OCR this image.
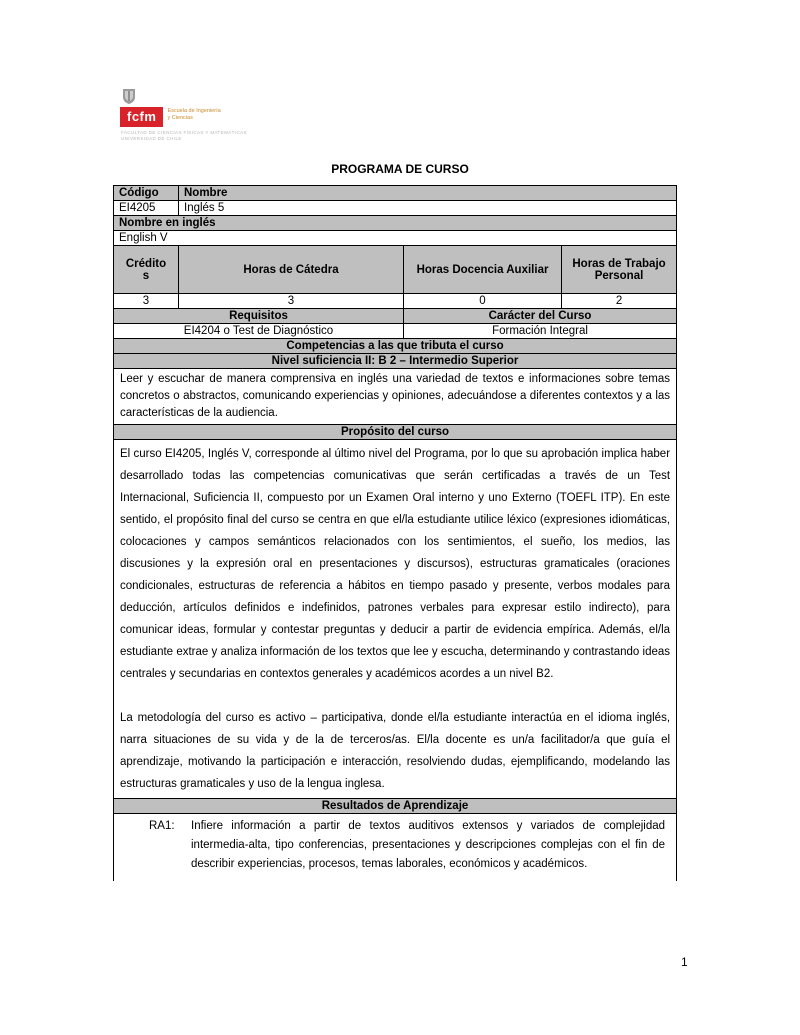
fcfm	Escuela de Ingeniería
y Ciencias
FACULTAD DE CIENCIAS FÍSICAS Y MATEMÁTICAS
UNIVERSIDAD DE CHILE
PROGRAMA DE CURSO
Código	Nombre		
EI4205	Inglés 5		
Nombre en inglés			
English V			
Créditos	Horas de Cátedra	Horas Docencia Auxiliar	Horas de Trabajo Personal
3	3	0	2
Requisitos		Carácter del Curso	
EI4204 o Test de Diagnóstico		Formación Integral	
Competencias a las que tributa el curso			
Nivel suficiencia II: B 2 – Intermedio Superior			
Leer y escuchar de manera comprensiva en inglés una variedad de textos e informaciones sobre temas concretos o abstractos, comunicando experiencias y opiniones, adecuándose a diferentes contextos y a las características de la audiencia.			
Propósito del curso			

El curso EI4205, Inglés V, corresponde al último nivel del Programa, por lo que su aprobación implica haber desarrollado todas las competencias comunicativas que serán certificadas a través de un Test Internacional, Suficiencia II, compuesto por un Examen Oral interno y uno Externo (TOEFL ITP). En este sentido, el propósito final del curso se centra en que el/la estudiante utilice léxico (expresiones idiomáticas, colocaciones y campos semánticos relacionados con los sentimientos, el sueño, los medios, las discusiones y la expresión oral en presentaciones y discursos), estructuras gramaticales (oraciones condicionales, estructuras de referencia a hábitos en tiempo pasado y presente, verbos modales para deducción, artículos definidos e indefinidos, patrones verbales para expresar estilo indirecto), para comunicar ideas, formular y contestar preguntas y deducir a partir de evidencia empírica. Además, el/la estudiante extrae y analiza información de los textos que lee y escucha, determinando y contrastando ideas centrales y secundarias en contextos generales y académicos acordes a un nivel B2.
La metodología del curso es activo – participativa, donde el/la estudiante interactúa en el idioma inglés, narra situaciones de su vida y de la de terceros/as. El/la docente es un/a facilitador/a que guía el aprendizaje, motivando la participación e interacción, resolviendo dudas, ejemplificando, modelando las estructuras gramaticales y uso de la lengua inglesa.			

Resultados de Aprendizaje			

RA1: Infiere información a partir de textos auditivos extensos y variados de complejidad intermedia-alta, tipo conferencias, presentaciones y descripciones complejas con el fin de describir experiencias, procesos, temas laborales, económicos y académicos.			
1
